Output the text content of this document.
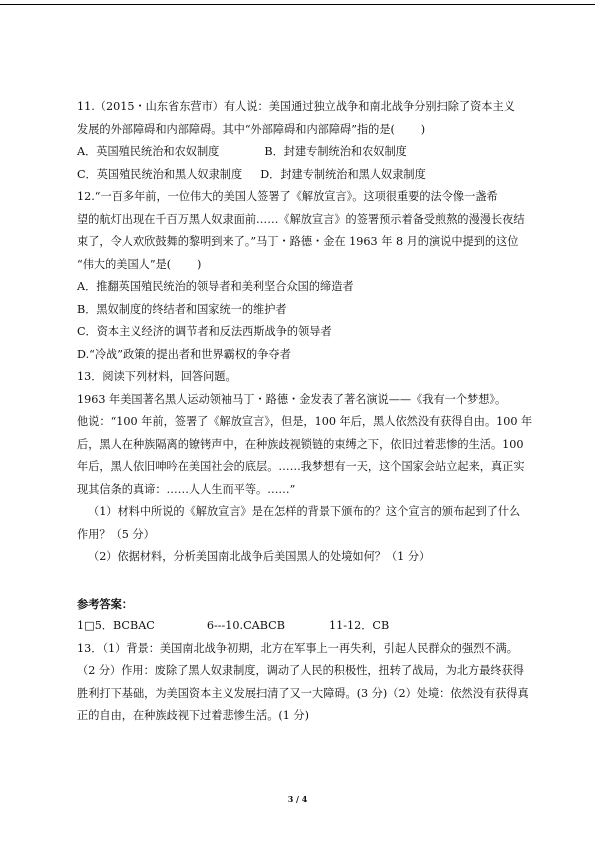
11.（2015・山东省东营市）有人说：美国通过独立战争和南北战争分别扫除了资本主义

发展的外部障碍和内部障碍。其中“外部障碍和内部障碍”指的是(　　 )

A．英国殖民统治和农奴制度	B．封建专制统治和农奴制度

C．英国殖民统治和黑人奴隶制度 D．封建专制统治和黑人奴隶制度

12.“一百多年前，一位伟大的美国人签署了《解放宣言》。这项很重要的法令像一盏希

望的航灯出现在千百万黑人奴隶面前……《解放宣言》的签署预示着备受煎熬的漫漫长夜结

束了，令人欢欣鼓舞的黎明到来了。”马丁・路德・金在 1963 年 8 月的演说中提到的这位

“伟大的美国人”是(　　 )

A．推翻英国殖民统治的领导者和美利坚合众国的缔造者

B．黑奴制度的终结者和国家统一的维护者

C．资本主义经济的调节者和反法西斯战争的领导者

D.“冷战”政策的提出者和世界霸权的争夺者

13．阅读下列材料，回答问题。

1963 年美国著名黑人运动领袖马丁・路德・金发表了著名演说——《我有一个梦想》。

他说：“100 年前，签署了《解放宣言》，但是，100 年后，黑人依然没有获得自由。100 年

后，黑人在种族隔离的镣铐声中，在种族歧视锁链的束缚之下，依旧过着悲惨的生活。100

年后，黑人依旧呻吟在美国社会的底层。……我梦想有一天，这个国家会站立起来，真正实

现其信条的真谛：……人人生而平等。……”

（1）材料中所说的《解放宣言》是在怎样的背景下颁布的？这个宣言的颁布起到了什么

作用？（5 分）

（2）依据材料，分析美国南北战争后美国黑人的处境如何？（1 分）

参考答案：

1□5．BCBAC	6---10.CABCB	11-12．CB

13．（1）背景：美国南北战争初期，北方在军事上一再失利，引起人民群众的强烈不满。

（2 分）作用：废除了黑人奴隶制度，调动了人民的积极性，扭转了战局，为北方最终获得

胜利打下基础，为美国资本主义发展扫清了又一大障碍。(3 分)（2）处境：依然没有获得真

正的自由，在种族歧视下过着悲惨生活。(1 分)

3 / 4
